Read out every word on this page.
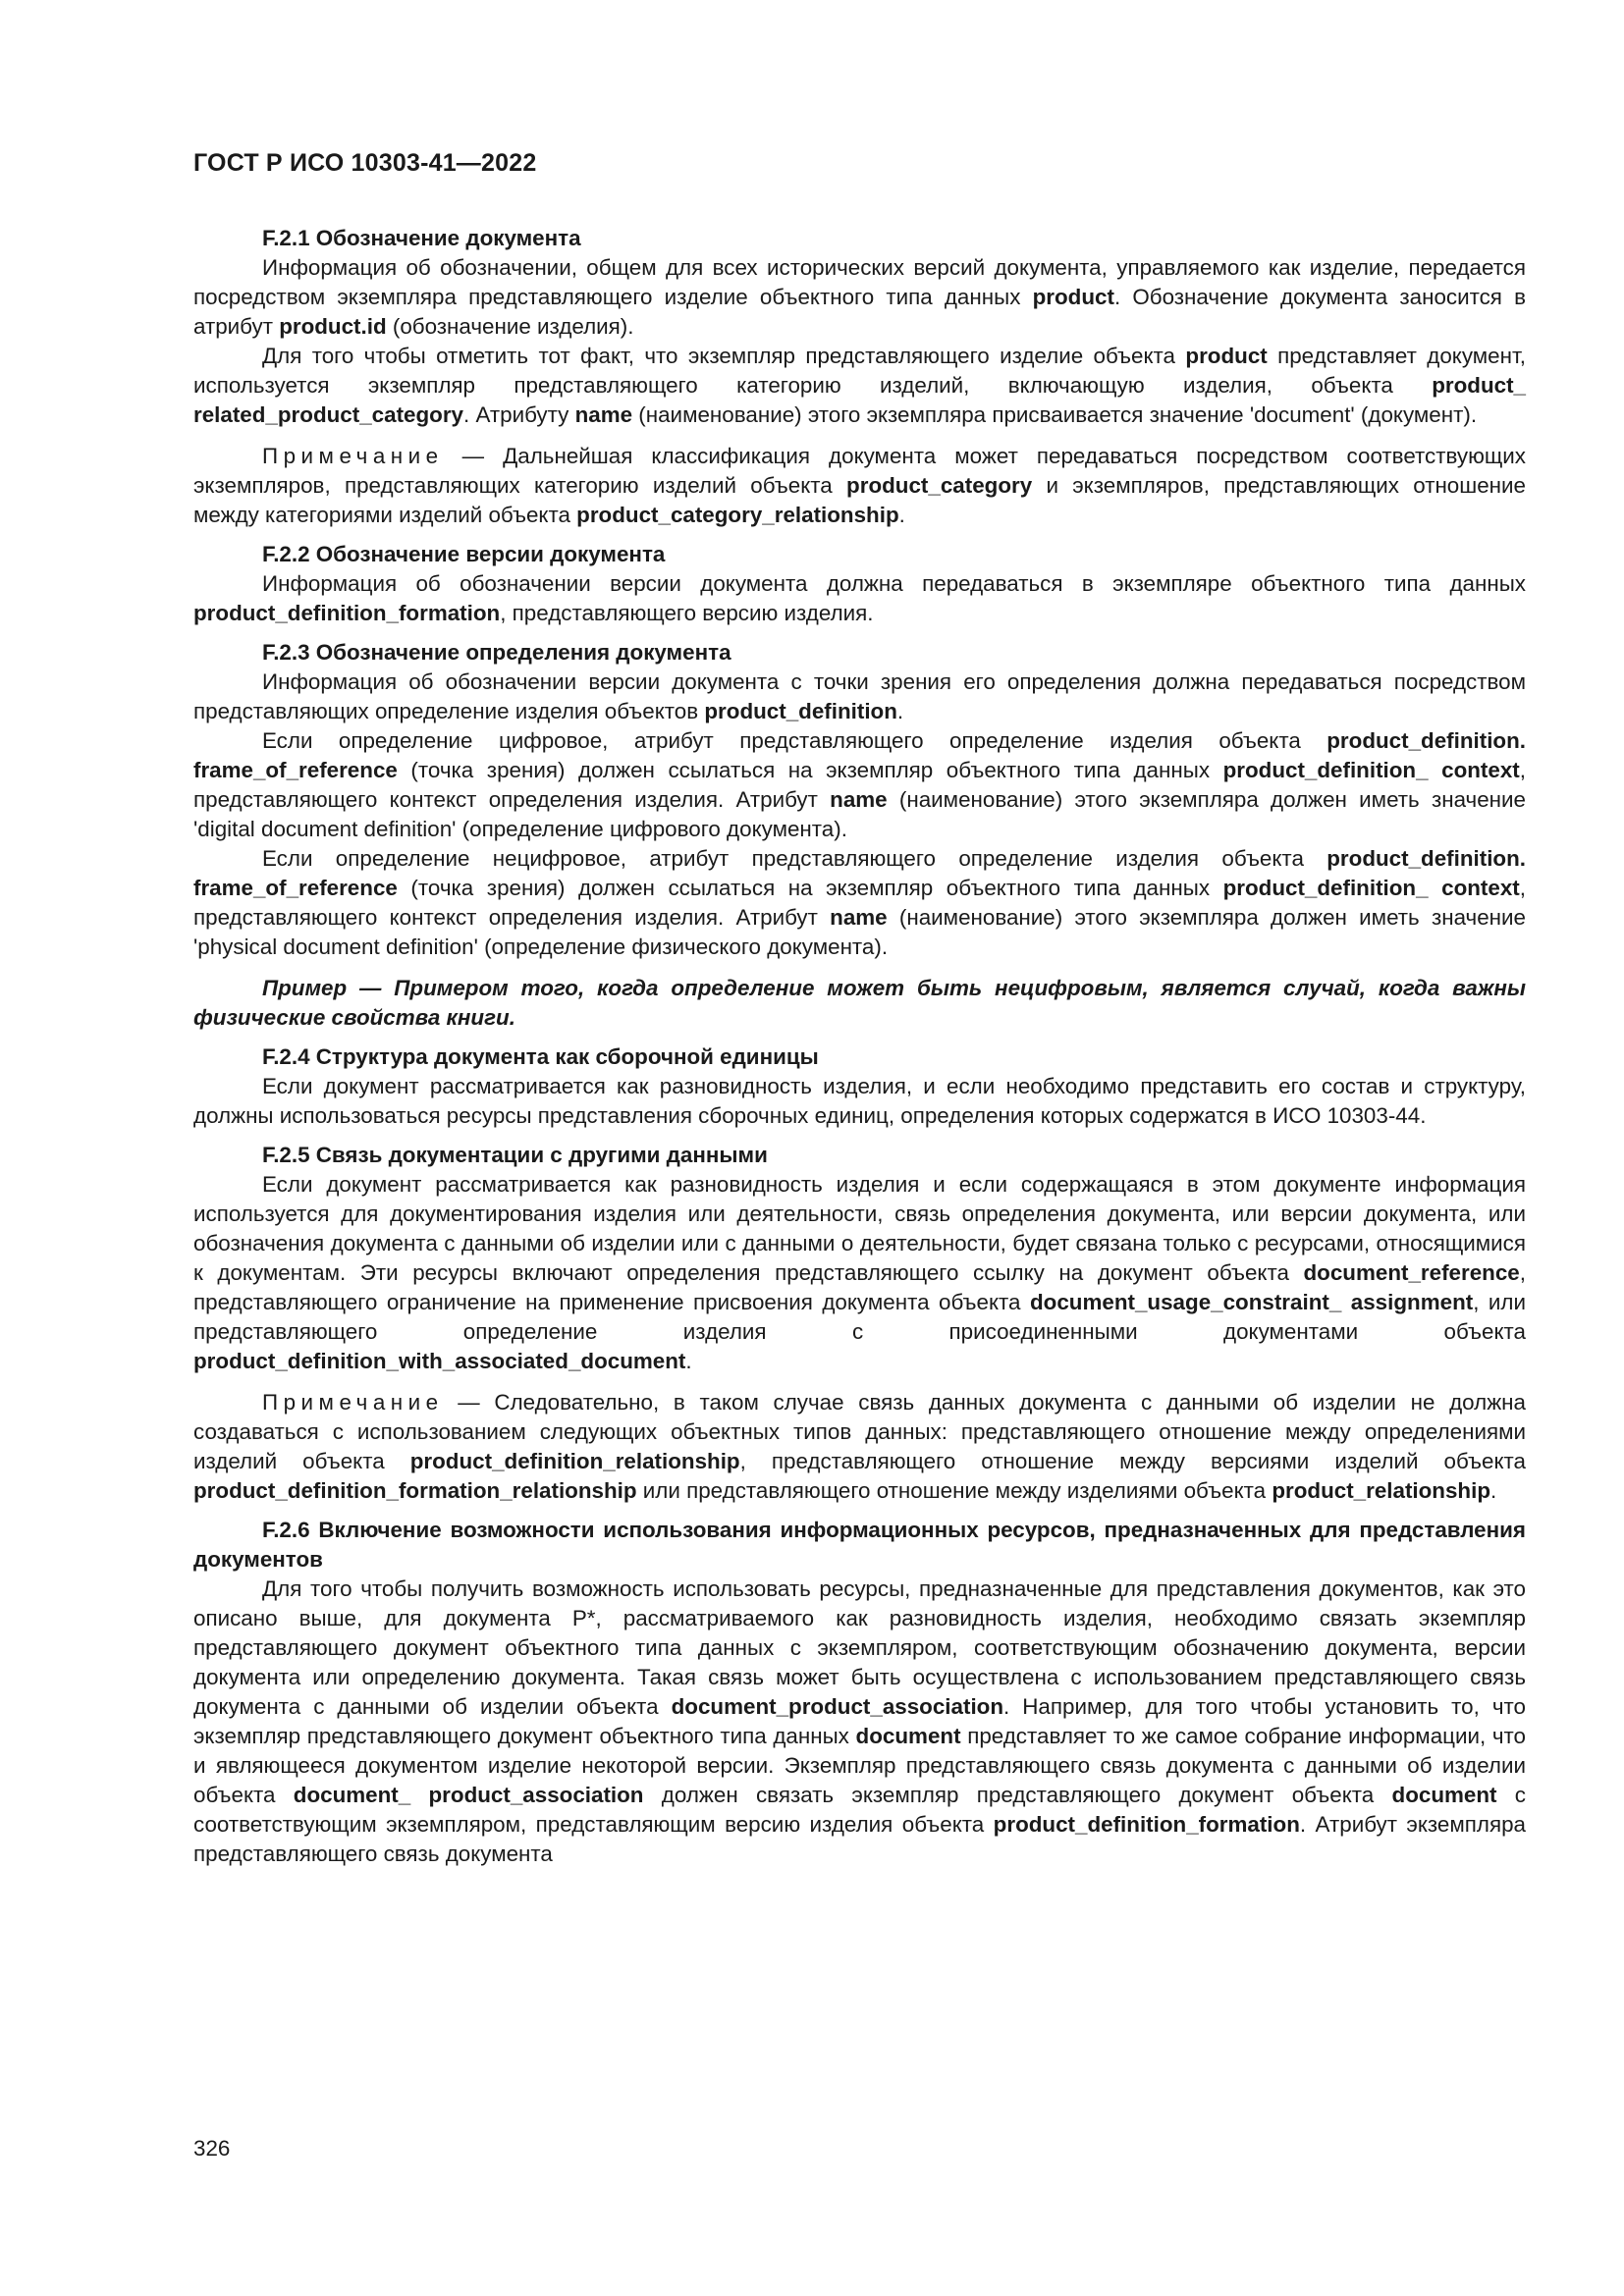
ГОСТ Р ИСО 10303-41—2022

F.2.1 Обозначение документа

Информация об обозначении, общем для всех исторических версий документа, управляемого как изделие, передается посредством экземпляра представляющего изделие объектного типа данных product. Обозначение документа заносится в атрибут product.id (обозначение изделия).

Для того чтобы отметить тот факт, что экземпляр представляющего изделие объекта product представляет документ, используется экземпляр представляющего категорию изделий, включающую изделия, объекта product_ related_product_category. Атрибуту name (наименование) этого экземпляра присваивается значение 'document' (документ).

Примечание — Дальнейшая классификация документа может передаваться посредством соответствующих экземпляров, представляющих категорию изделий объекта product_category и экземпляров, представляющих отношение между категориями изделий объекта product_category_relationship.

F.2.2 Обозначение версии документа

Информация об обозначении версии документа должна передаваться в экземпляре объектного типа данных product_definition_formation, представляющего версию изделия.

F.2.3 Обозначение определения документа

Информация об обозначении версии документа с точки зрения его определения должна передаваться посредством представляющих определение изделия объектов product_definition.

Если определение цифровое, атрибут представляющего определение изделия объекта product_definition. frame_of_reference (точка зрения) должен ссылаться на экземпляр объектного типа данных product_definition_ context, представляющего контекст определения изделия. Атрибут name (наименование) этого экземпляра должен иметь значение 'digital document definition' (определение цифрового документа).

Если определение нецифровое, атрибут представляющего определение изделия объекта product_definition. frame_of_reference (точка зрения) должен ссылаться на экземпляр объектного типа данных product_definition_ context, представляющего контекст определения изделия. Атрибут name (наименование) этого экземпляра должен иметь значение 'physical document definition' (определение физического документа).

Пример — Примером того, когда определение может быть нецифровым, является случай, когда важны физические свойства книги.

F.2.4 Структура документа как сборочной единицы

Если документ рассматривается как разновидность изделия, и если необходимо представить его состав и структуру, должны использоваться ресурсы представления сборочных единиц, определения которых содержатся в ИСО 10303-44.

F.2.5 Связь документации с другими данными

Если документ рассматривается как разновидность изделия и если содержащаяся в этом документе информация используется для документирования изделия или деятельности, связь определения документа, или версии документа, или обозначения документа с данными об изделии или с данными о деятельности, будет связана только с ресурсами, относящимися к документам. Эти ресурсы включают определения представляющего ссылку на документ объекта document_reference, представляющего ограничение на применение присвоения документа объекта document_usage_constraint_ assignment, или представляющего определение изделия с присоединенными документами объекта product_definition_with_associated_document.

Примечание — Следовательно, в таком случае связь данных документа с данными об изделии не должна создаваться с использованием следующих объектных типов данных: представляющего отношение между определениями изделий объекта product_definition_relationship, представляющего отношение между версиями изделий объекта product_definition_formation_relationship или представляющего отношение между изделиями объекта product_relationship.

F.2.6 Включение возможности использования информационных ресурсов, предназначенных для представления документов

Для того чтобы получить возможность использовать ресурсы, предназначенные для представления документов, как это описано выше, для документа P*, рассматриваемого как разновидность изделия, необходимо связать экземпляр представляющего документ объектного типа данных с экземпляром, соответствующим обозначению документа, версии документа или определению документа. Такая связь может быть осуществлена с использованием представляющего связь документа с данными об изделии объекта document_product_association. Например, для того чтобы установить то, что экземпляр представляющего документ объектного типа данных document представляет то же самое собрание информации, что и являющееся документом изделие некоторой версии. Экземпляр представляющего связь документа с данными об изделии объекта document_ product_association должен связать экземпляр представляющего документ объекта document с соответствующим экземпляром, представляющим версию изделия объекта product_definition_formation. Атрибут экземпляра представляющего связь документа

326
